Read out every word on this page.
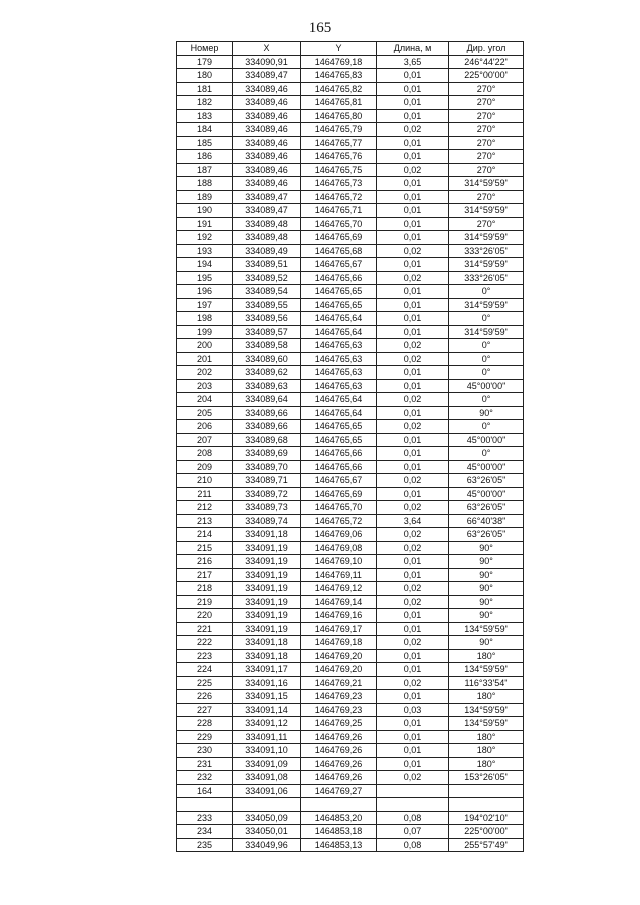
165
Номер	X	Y	Длина, м	Дир. угол
179	334090,91	1464769,18	3,65	246°44'22"
180	334089,47	1464765,83	0,01	225°00'00"
181	334089,46	1464765,82	0,01	270°
182	334089,46	1464765,81	0,01	270°
183	334089,46	1464765,80	0,01	270°
184	334089,46	1464765,79	0,02	270°
185	334089,46	1464765,77	0,01	270°
186	334089,46	1464765,76	0,01	270°
187	334089,46	1464765,75	0,02	270°
188	334089,46	1464765,73	0,01	314°59'59"
189	334089,47	1464765,72	0,01	270°
190	334089,47	1464765,71	0,01	314°59'59"
191	334089,48	1464765,70	0,01	270°
192	334089,48	1464765,69	0,01	314°59'59"
193	334089,49	1464765,68	0,02	333°26'05"
194	334089,51	1464765,67	0,01	314°59'59"
195	334089,52	1464765,66	0,02	333°26'05"
196	334089,54	1464765,65	0,01	0°
197	334089,55	1464765,65	0,01	314°59'59"
198	334089,56	1464765,64	0,01	0°
199	334089,57	1464765,64	0,01	314°59'59"
200	334089,58	1464765,63	0,02	0°
201	334089,60	1464765,63	0,02	0°
202	334089,62	1464765,63	0,01	0°
203	334089,63	1464765,63	0,01	45°00'00"
204	334089,64	1464765,64	0,02	0°
205	334089,66	1464765,64	0,01	90°
206	334089,66	1464765,65	0,02	0°
207	334089,68	1464765,65	0,01	45°00'00"
208	334089,69	1464765,66	0,01	0°
209	334089,70	1464765,66	0,01	45°00'00"
210	334089,71	1464765,67	0,02	63°26'05"
211	334089,72	1464765,69	0,01	45°00'00"
212	334089,73	1464765,70	0,02	63°26'05"
213	334089,74	1464765,72	3,64	66°40'38"
214	334091,18	1464769,06	0,02	63°26'05"
215	334091,19	1464769,08	0,02	90°
216	334091,19	1464769,10	0,01	90°
217	334091,19	1464769,11	0,01	90°
218	334091,19	1464769,12	0,02	90°
219	334091,19	1464769,14	0,02	90°
220	334091,19	1464769,16	0,01	90°
221	334091,19	1464769,17	0,01	134°59'59"
222	334091,18	1464769,18	0,02	90°
223	334091,18	1464769,20	0,01	180°
224	334091,17	1464769,20	0,01	134°59'59"
225	334091,16	1464769,21	0,02	116°33'54"
226	334091,15	1464769,23	0,01	180°
227	334091,14	1464769,23	0,03	134°59'59"
228	334091,12	1464769,25	0,01	134°59'59"
229	334091,11	1464769,26	0,01	180°
230	334091,10	1464769,26	0,01	180°
231	334091,09	1464769,26	0,01	180°
232	334091,08	1464769,26	0,02	153°26'05"
164	334091,06	1464769,27		

233	334050,09	1464853,20	0,08	194°02'10"
234	334050,01	1464853,18	0,07	225°00'00"
235	334049,96	1464853,13	0,08	255°57'49"
